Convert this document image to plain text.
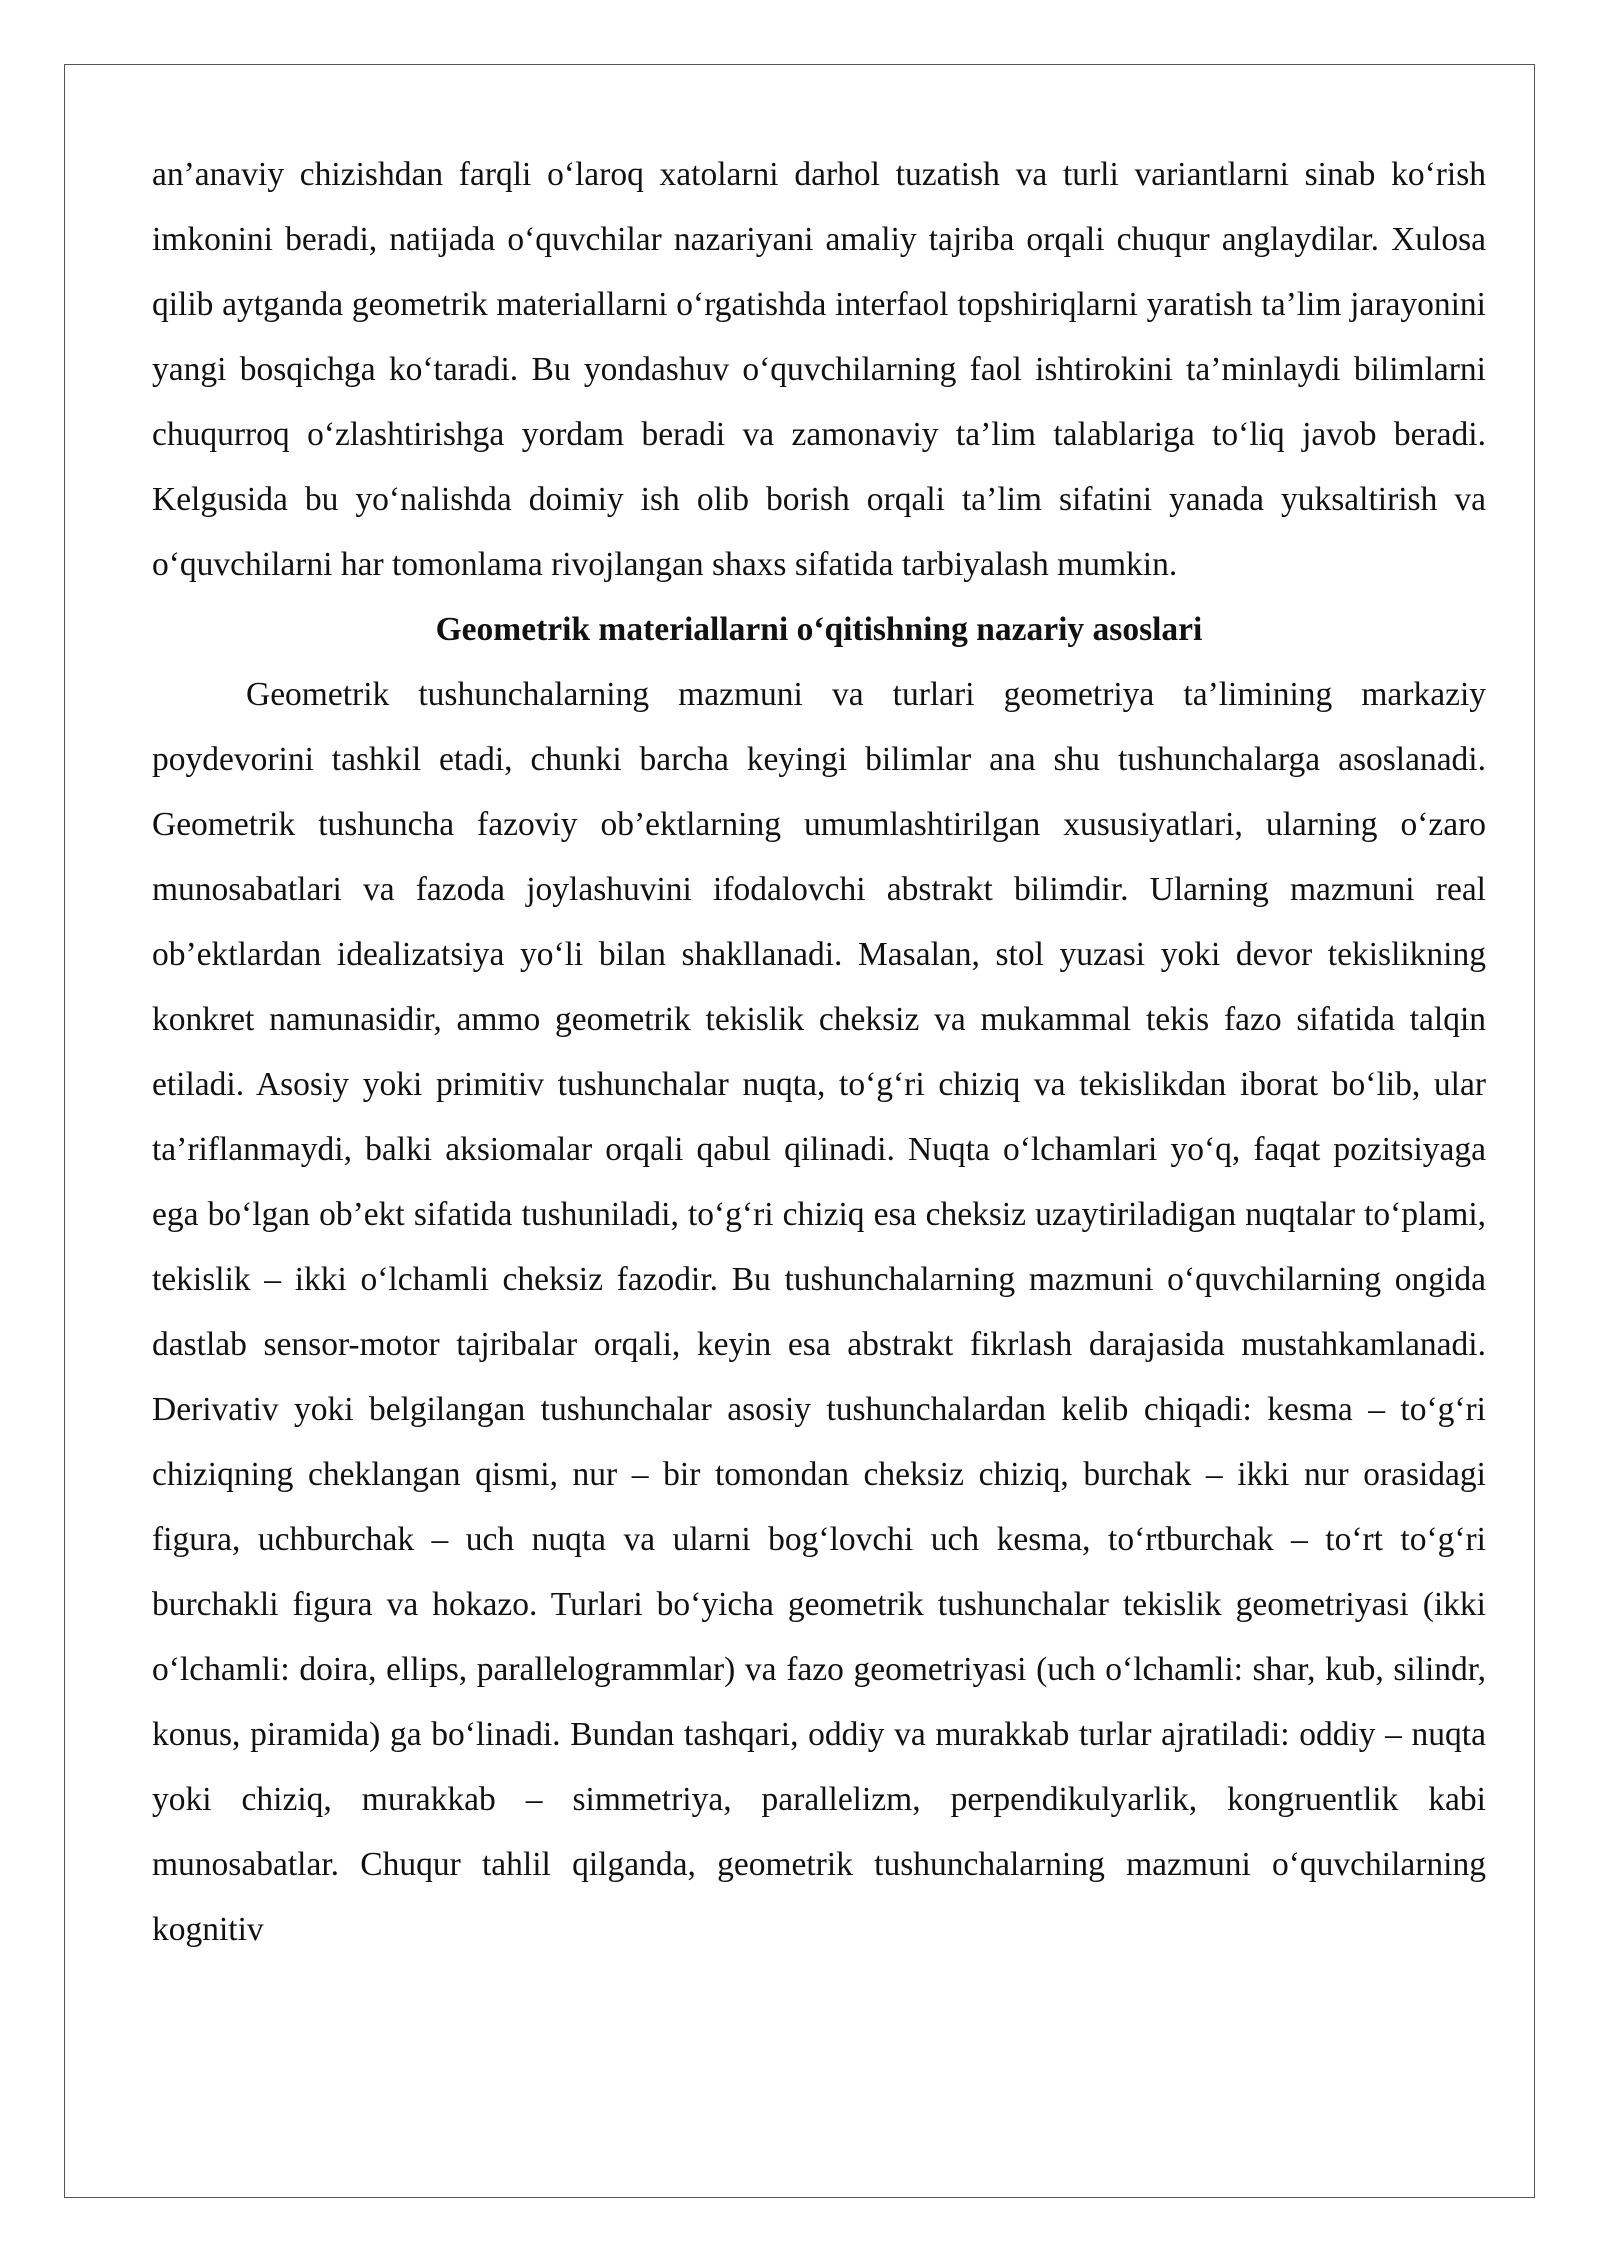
an’anaviy chizishdan farqli o‘laroq xatolarni darhol tuzatish va turli variantlarni sinab ko‘rish imkonini beradi, natijada o‘quvchilar nazariyani amaliy tajriba orqali chuqur anglaydilar. Xulosa qilib aytganda geometrik materiallarni o‘rgatishda interfaol topshiriqlarni yaratish ta’lim jarayonini yangi bosqichga ko‘taradi. Bu yondashuv o‘quvchilarning faol ishtirokini ta’minlaydi bilimlarni chuqurroq o‘zlashtirishga yordam beradi va zamonaviy ta’lim talablariga to‘liq javob beradi. Kelgusida bu yo‘nalishda doimiy ish olib borish orqali ta’lim sifatini yanada yuksaltirish va o‘quvchilarni har tomonlama rivojlangan shaxs sifatida tarbiyalash mumkin.

Geometrik materiallarni o‘qitishning nazariy asoslari

Geometrik tushunchalarning mazmuni va turlari geometriya ta’limining markaziy poydevorini tashkil etadi, chunki barcha keyingi bilimlar ana shu tushunchalarga asoslanadi. Geometrik tushuncha fazoviy ob’ektlarning umumlashtirilgan xususiyatlari, ularning o‘zaro munosabatlari va fazoda joylashuvini ifodalovchi abstrakt bilimdir. Ularning mazmuni real ob’ektlardan idealizatsiya yo‘li bilan shakllanadi. Masalan, stol yuzasi yoki devor tekislikning konkret namunasidir, ammo geometrik tekislik cheksiz va mukammal tekis fazo sifatida talqin etiladi. Asosiy yoki primitiv tushunchalar nuqta, to‘g‘ri chiziq va tekislikdan iborat bo‘lib, ular ta’riflanmaydi, balki aksiomalar orqali qabul qilinadi. Nuqta o‘lchamlari yo‘q, faqat pozitsiyaga ega bo‘lgan ob’ekt sifatida tushuniladi, to‘g‘ri chiziq esa cheksiz uzaytiriladigan nuqtalar to‘plami, tekislik – ikki o‘lchamli cheksiz fazodir. Bu tushunchalarning mazmuni o‘quvchilarning ongida dastlab sensor-motor tajribalar orqali, keyin esa abstrakt fikrlash darajasida mustahkamlanadi. Derivativ yoki belgilangan tushunchalar asosiy tushunchalardan kelib chiqadi: kesma – to‘g‘ri chiziqning cheklangan qismi, nur – bir tomondan cheksiz chiziq, burchak – ikki nur orasidagi figura, uchburchak – uch nuqta va ularni bog‘lovchi uch kesma, to‘rtburchak – to‘rt to‘g‘ri burchakli figura va hokazo. Turlari bo‘yicha geometrik tushunchalar tekislik geometriyasi (ikki o‘lchamli: doira, ellips, parallelogrammlar) va fazo geometriyasi (uch o‘lchamli: shar, kub, silindr, konus, piramida) ga bo‘linadi. Bundan tashqari, oddiy va murakkab turlar ajratiladi: oddiy – nuqta yoki chiziq, murakkab – simmetriya, parallelizm, perpendikulyarlik, kongruentlik kabi munosabatlar. Chuqur tahlil qilganda, geometrik tushunchalarning mazmuni o‘quvchilarning kognitiv
